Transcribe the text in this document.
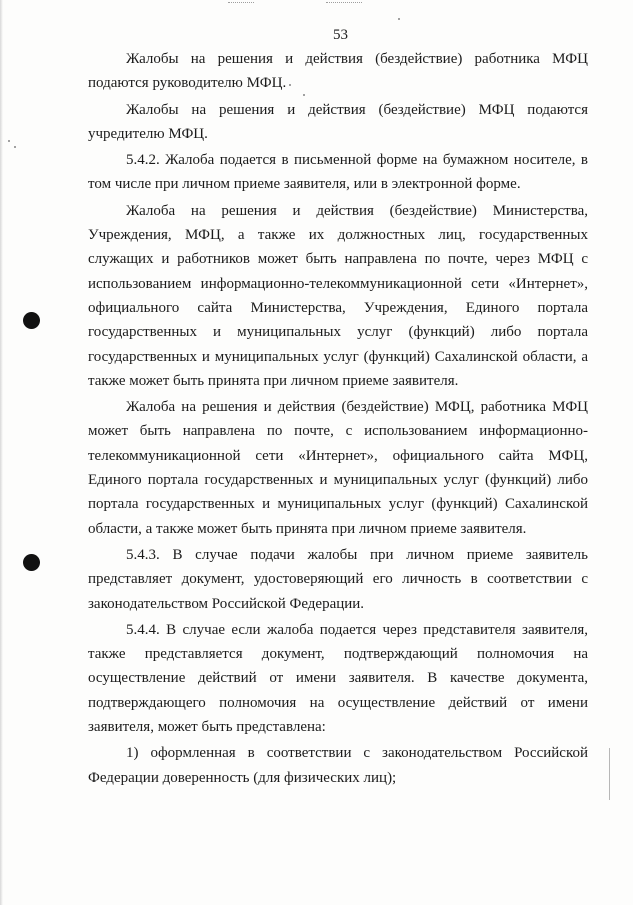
53

Жалобы на решения и действия (бездействие) работника МФЦ подаются руководителю МФЦ.

Жалобы на решения и действия (бездействие) МФЦ подаются учредителю МФЦ.

5.4.2. Жалоба подается в письменной форме на бумажном носителе, в том числе при личном приеме заявителя, или в электронной форме.

Жалоба на решения и действия (бездействие) Министерства, Учреждения, МФЦ, а также их должностных лиц, государственных служащих и работников может быть направлена по почте, через МФЦ с использованием информационно-телекоммуникационной сети «Интернет», официального сайта Министерства, Учреждения, Единого портала государственных и муниципальных услуг (функций) либо портала государственных и муниципальных услуг (функций) Сахалинской области, а также может быть принята при личном приеме заявителя.

Жалоба на решения и действия (бездействие) МФЦ, работника МФЦ может быть направлена по почте, с использованием информационно-телекоммуникационной сети «Интернет», официального сайта МФЦ, Единого портала государственных и муниципальных услуг (функций) либо портала государственных и муниципальных услуг (функций) Сахалинской области, а также может быть принята при личном приеме заявителя.

5.4.3. В случае подачи жалобы при личном приеме заявитель представляет документ, удостоверяющий его личность в соответствии с законодательством Российской Федерации.

5.4.4. В случае если жалоба подается через представителя заявителя, также представляется документ, подтверждающий полномочия на осуществление действий от имени заявителя. В качестве документа, подтверждающего полномочия на осуществление действий от имени заявителя, может быть представлена:

1) оформленная в соответствии с законодательством Российской Федерации доверенность (для физических лиц);
